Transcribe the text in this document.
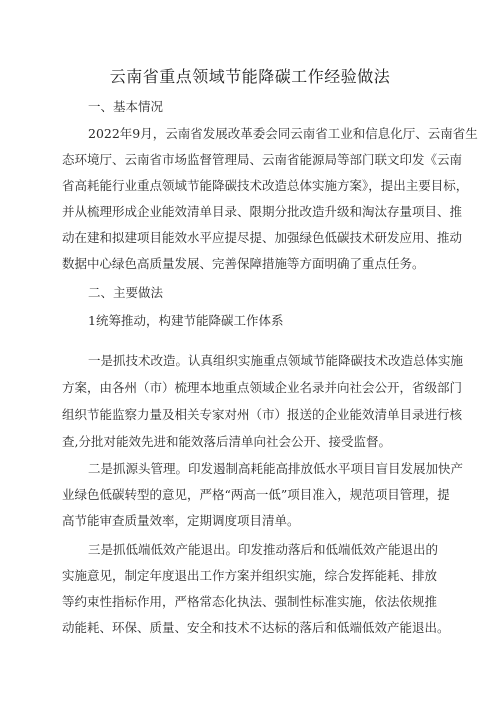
云南省重点领域节能降碳工作经验做法
一、基本情况
2022年9月，云南省发展改革委会同云南省工业和信息化厅、云南省生
态环境厅、云南省市场监督管理局、云南省能源局等部门联文印发《云南
省高耗能行业重点领域节能降碳技术改造总体实施方案》，提出主要目标，
并从梳理形成企业能效清单目录、限期分批改造升级和淘汰存量项目、推
动在建和拟建项目能效水平应提尽提、加强绿色低碳技术研发应用、推动
数据中心绿色高质量发展、完善保障措施等方面明确了重点任务。
二、主要做法
1统筹推动，构建节能降碳工作体系
一是抓技术改造。认真组织实施重点领域节能降碳技术改造总体实施
方案，由各州（市）梳理本地重点领域企业名录并向社会公开，省级部门
组织节能监察力量及相关专家对州（市）报送的企业能效清单目录进行核
查,分批对能效先进和能效落后清单向社会公开、接受监督。
二是抓源头管理。印发遏制高耗能高排放低水平项目盲目发展加快产
业绿色低碳转型的意见，严格“两高一低”项目准入，规范项目管理，提
高节能审查质量效率，定期调度项目清单。
三是抓低端低效产能退出。印发推动落后和低端低效产能退出的
实施意见，制定年度退出工作方案并组织实施，综合发挥能耗、排放
等约束性指标作用，严格常态化执法、强制性标准实施，依法依规推
动能耗、环保、质量、安全和技术不达标的落后和低端低效产能退出。
